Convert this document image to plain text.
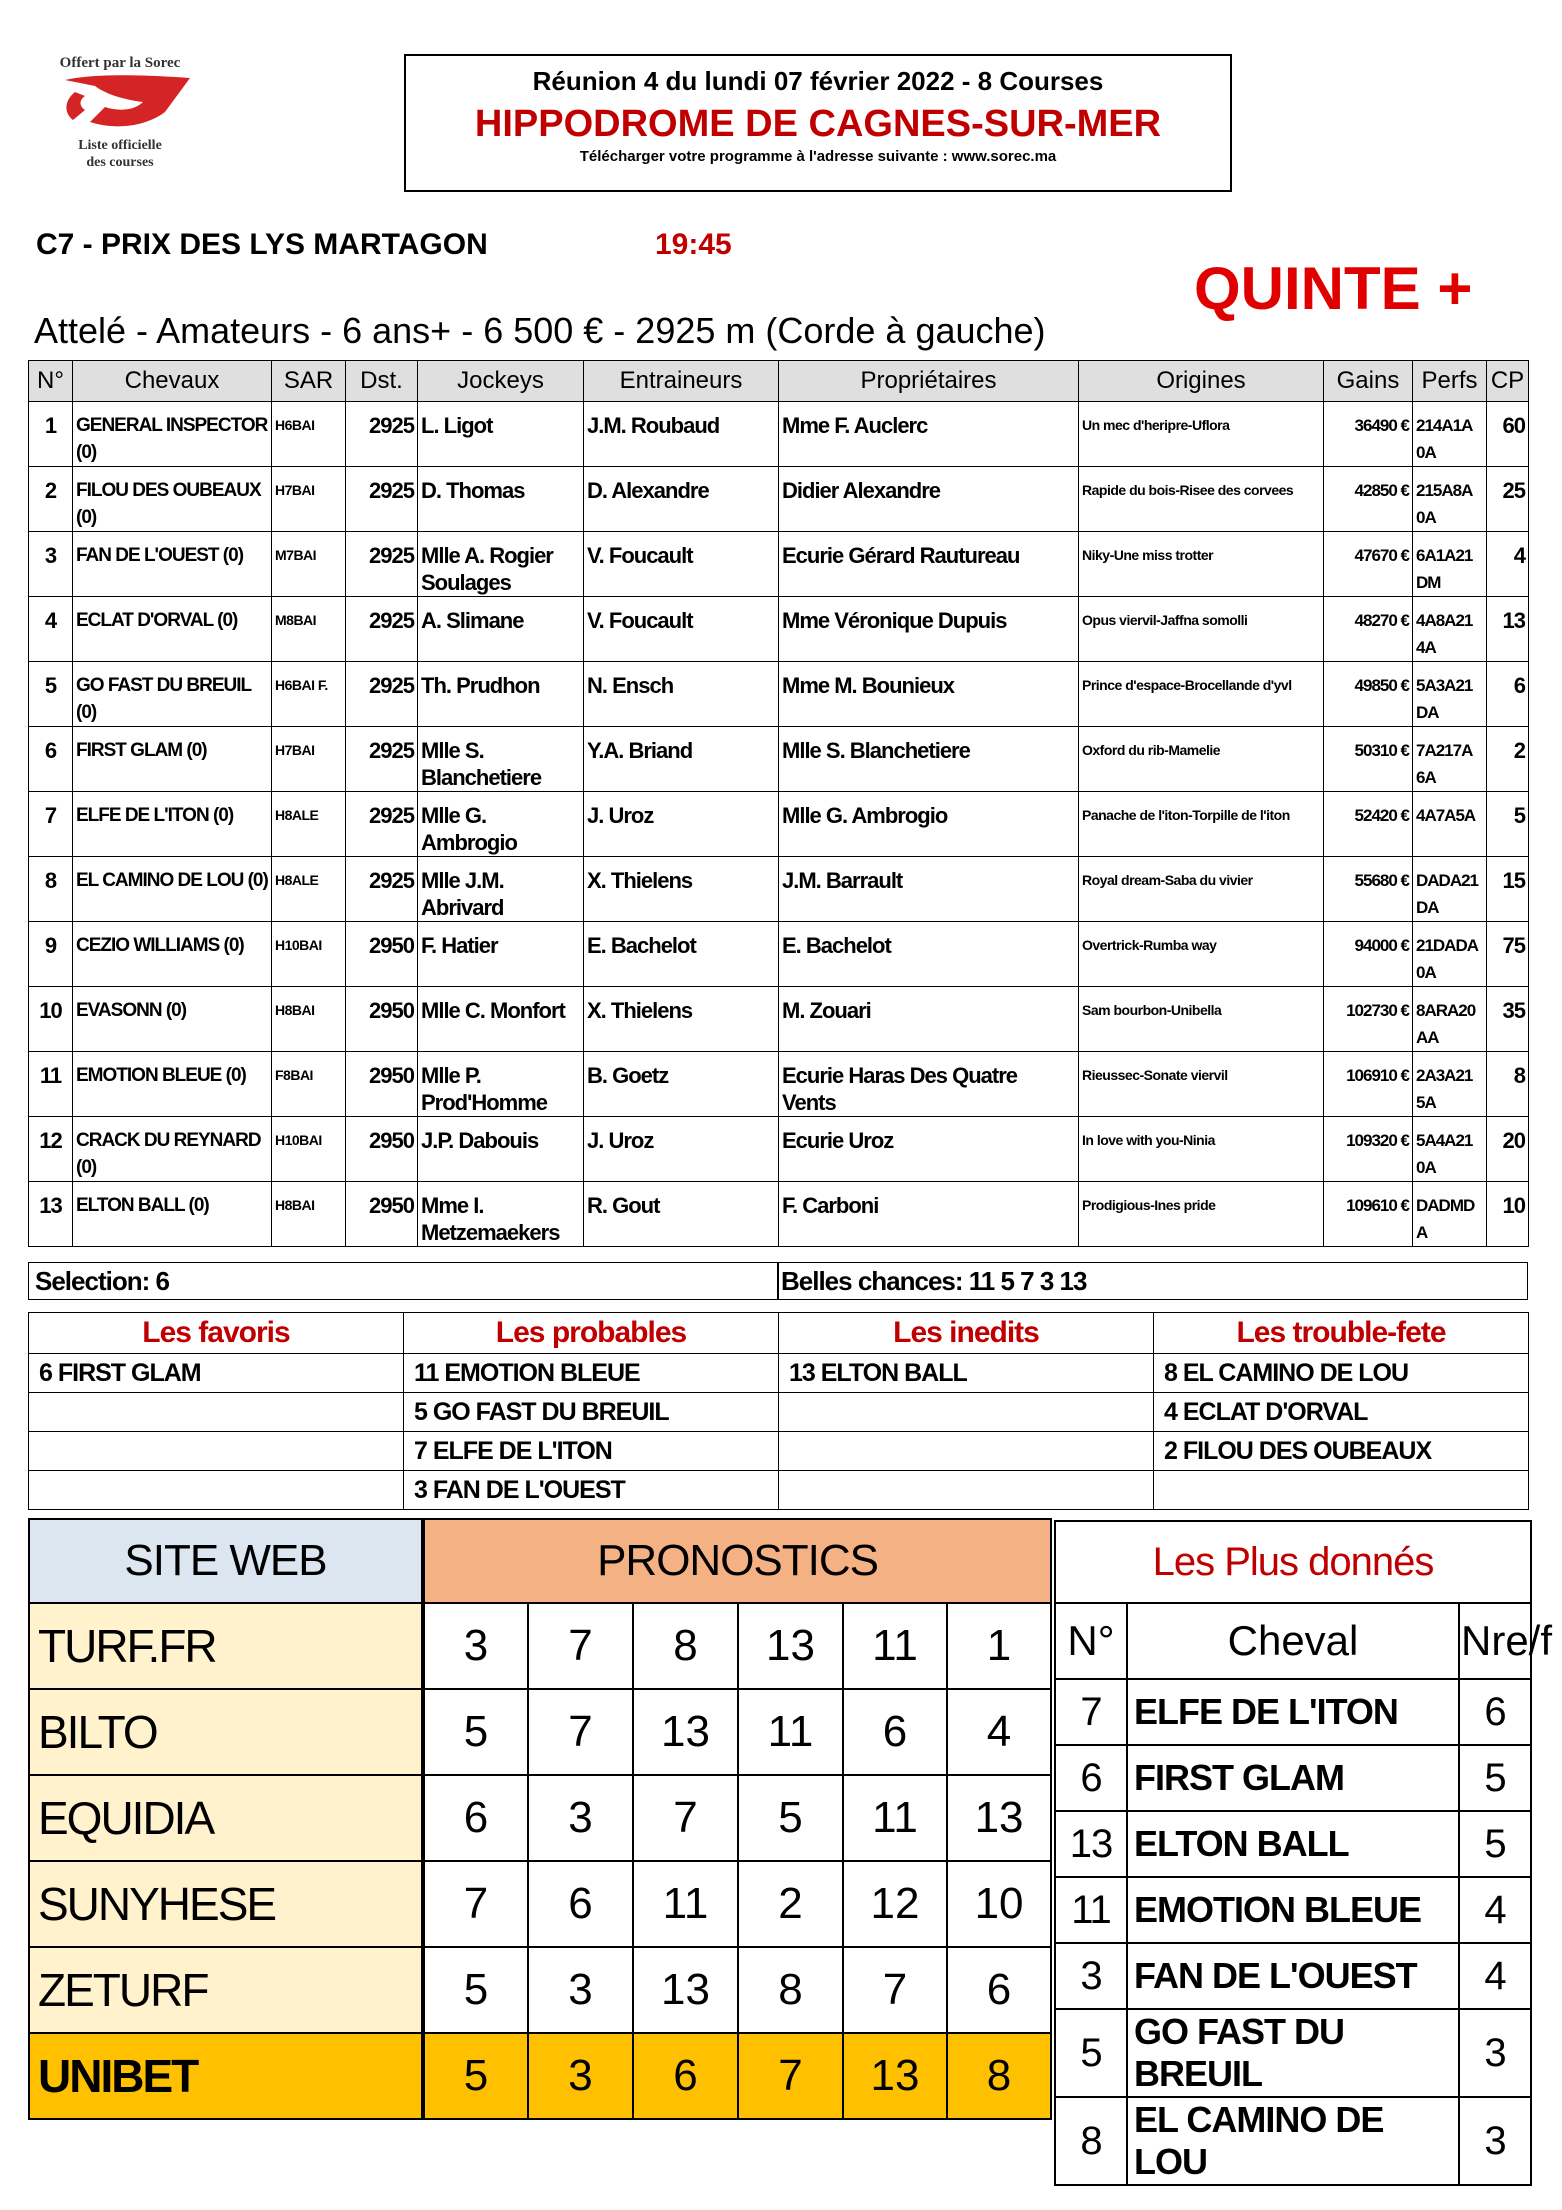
Offert par la Sorec
Liste officielle
des courses
Réunion 4 du lundi 07 février 2022 - 8 Courses
HIPPODROME DE CAGNES-SUR-MER
Télécharger votre programme à l'adresse suivante : www.sorec.ma
C7 - PRIX DES LYS MARTAGON	19:45
QUINTE +
Attelé - Amateurs - 6 ans+ - 6 500 € - 2925 m (Corde à gauche)
N°	Chevaux	SAR	Dst.	Jockeys	Entraineurs	Propriétaires	Origines	Gains	Perfs	CP
1	GENERAL INSPECTOR (0)	H6BAI	2925	L. Ligot	J.M. Roubaud	Mme F. Auclerc	Un mec d'heripre-Uflora	36490 €	214A1A 0A	60
2	FILOU DES OUBEAUX (0)	H7BAI	2925	D. Thomas	D. Alexandre	Didier Alexandre	Rapide du bois-Risee des corvees	42850 €	215A8A 0A	25
3	FAN DE L'OUEST (0)	M7BAI	2925	Mlle A. Rogier Soulages	V. Foucault	Ecurie Gérard Rautureau	Niky-Une miss trotter	47670 €	6A1A21 DM	4
4	ECLAT D'ORVAL (0)	M8BAI	2925	A. Slimane	V. Foucault	Mme Véronique Dupuis	Opus viervil-Jaffna somolli	48270 €	4A8A21 4A	13
5	GO FAST DU BREUIL (0)	H6BAI F.	2925	Th. Prudhon	N. Ensch	Mme M. Bounieux	Prince d'espace-Brocellande d'yvl	49850 €	5A3A21 DA	6
6	FIRST GLAM (0)	H7BAI	2925	Mlle S. Blanchetiere	Y.A. Briand	Mlle S. Blanchetiere	Oxford du rib-Mamelie	50310 €	7A217A 6A	2
7	ELFE DE L'ITON (0)	H8ALE	2925	Mlle G. Ambrogio	J. Uroz	Mlle G. Ambrogio	Panache de l'iton-Torpille de l'iton	52420 €	4A7A5A	5
8	EL CAMINO DE LOU (0)	H8ALE	2925	Mlle J.M. Abrivard	X. Thielens	J.M. Barrault	Royal dream-Saba du vivier	55680 €	DADA21 DA	15
9	CEZIO WILLIAMS (0)	H10BAI	2950	F. Hatier	E. Bachelot	E. Bachelot	Overtrick-Rumba way	94000 €	21DADA 0A	75
10	EVASONN (0)	H8BAI	2950	Mlle C. Monfort	X. Thielens	M. Zouari	Sam bourbon-Unibella	102730 €	8ARA20 AA	35
11	EMOTION BLEUE (0)	F8BAI	2950	Mlle P. Prod'Homme	B. Goetz	Ecurie Haras Des Quatre Vents	Rieussec-Sonate viervil	106910 €	2A3A21 5A	8
12	CRACK DU REYNARD (0)	H10BAI	2950	J.P. Dabouis	J. Uroz	Ecurie Uroz	In love with you-Ninia	109320 €	5A4A21 0A	20
13	ELTON BALL (0)	H8BAI	2950	Mme I. Metzemaekers	R. Gout	F. Carboni	Prodigious-Ines pride	109610 €	DADMD A	10
Selection: 6	Belles chances: 11 5 7 3 13
Les favoris	Les probables	Les inedits	Les trouble-fete
6 FIRST GLAM	11 EMOTION BLEUE	13 ELTON BALL	8 EL CAMINO DE LOU
	5 GO FAST DU BREUIL		4 ECLAT D'ORVAL
	7 ELFE DE L'ITON		2 FILOU DES OUBEAUX
	3 FAN DE L'OUEST		
SITE WEB	PRONOSTICS					
TURF.FR	3	7	8	13	11	1
BILTO	5	7	13	11	6	4
EQUIDIA	6	3	7	5	11	13
SUNYHESE	7	6	11	2	12	10
ZETURF	5	3	13	8	7	6
UNIBET	5	3	6	7	13	8
Les Plus donnés		
N°	Cheval	Nre/f
7	ELFE DE L'ITON	6
6	FIRST GLAM	5
13	ELTON BALL	5
11	EMOTION BLEUE	4
3	FAN DE L'OUEST	4
5	GO FAST DU BREUIL	3
8	EL CAMINO DE LOU	3
